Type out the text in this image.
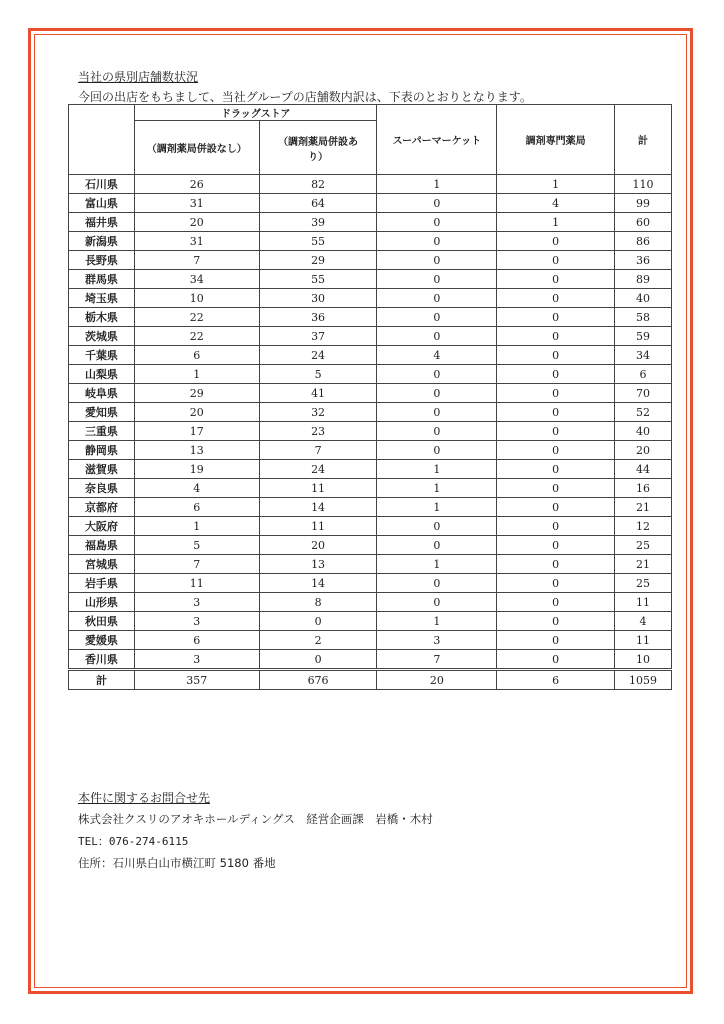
当社の県別店舗数状況
今回の出店をもちまして、当社グループの店舗数内訳は、下表のとおりとなります。
	ドラッグストア		スーパーマーケット	調剤専門薬局	計
	（調剤薬局併設なし）	（調剤薬局併設あり）			
石川県	26	82	1	1	110
富山県	31	64	0	4	99
福井県	20	39	0	1	60
新潟県	31	55	0	0	86
長野県	7	29	0	0	36
群馬県	34	55	0	0	89
埼玉県	10	30	0	0	40
栃木県	22	36	0	0	58
茨城県	22	37	0	0	59
千葉県	6	24	4	0	34
山梨県	1	5	0	0	6
岐阜県	29	41	0	0	70
愛知県	20	32	0	0	52
三重県	17	23	0	0	40
静岡県	13	7	0	0	20
滋賀県	19	24	1	0	44
奈良県	4	11	1	0	16
京都府	6	14	1	0	21
大阪府	1	11	0	0	12
福島県	5	20	0	0	25
宮城県	7	13	1	0	21
岩手県	11	14	0	0	25
山形県	3	8	0	0	11
秋田県	3	0	1	0	4
愛媛県	6	2	3	0	11
香川県	3	0	7	0	10
計	357	676	20	6	1059
本件に関するお問合せ先
株式会社クスリのアオキホールディングス　経営企画課　岩橋・木村
TEL：076-274-6115
住所：石川県白山市横江町 5180 番地
